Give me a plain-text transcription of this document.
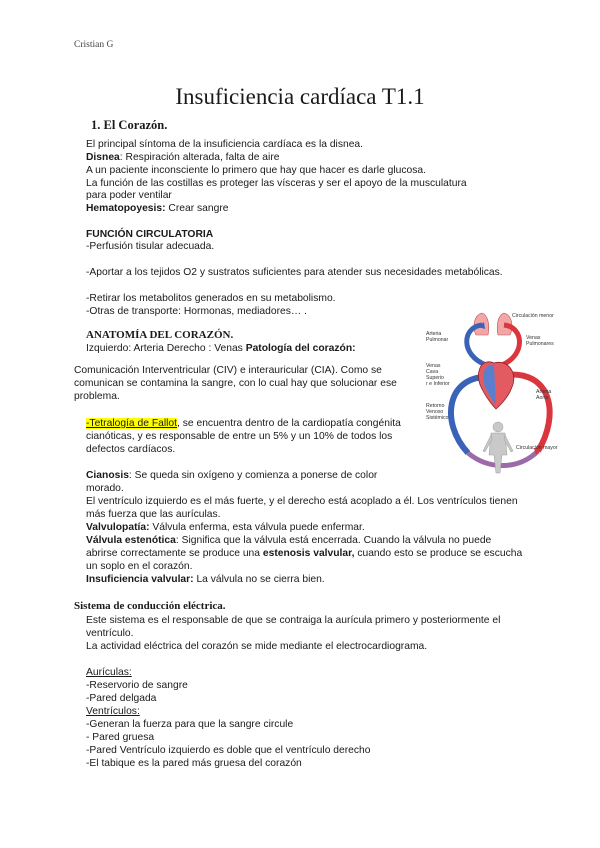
Cristian G
Insuficiencia cardíaca T1.1
1. El Corazón.
El principal síntoma de la insuficiencia cardíaca es la disnea.
Disnea: Respiración alterada, falta de aire
A un paciente inconsciente lo primero que hay que hacer es darle glucosa.
La función de las costillas es proteger las vísceras y ser el apoyo de la musculatura
para poder ventilar
Hematopoyesis: Crear sangre
FUNCIÓN CIRCULATORIA
-Perfusión tisular adecuada.
-Aportar a los tejidos O2 y sustratos suficientes para atender sus necesidades metabólicas.
-Retirar los metabolitos generados en su metabolismo.
-Otras de transporte: Hormonas, mediadores… .
ANATOMÍA DEL CORAZÓN.
Izquierdo: Arteria Derecho : Venas Patología del corazón:
Comunicación Interventricular (CIV) e interauricular (CIA). Como se
comunican se contamina la sangre, con lo cual hay que solucionar ese
problema.
-Tetralogía de Fallot, se encuentra dentro de la cardiopatía congénita
cianóticas, y es responsable de entre un 5% y un 10% de todos los
defectos cardíacos.
Cianosis: Se queda sin oxígeno y comienza a ponerse de color
morado.
El ventrículo izquierdo es el más fuerte, y el derecho está acoplado a él. Los ventrículos tienen
más fuerza que las aurículas.
Valvulopatía: Válvula enferma, esta válvula puede enfermar.
Válvula estenótica: Significa que la válvula está encerrada. Cuando la válvula no puede
abrirse correctamente se produce una estenosis valvular, cuando esto se produce se escucha
un soplo en el corazón.
Insuficiencia valvular: La válvula no se cierra bien.
Circulación menor
Arteria
Pulmonar	Venas
Pulmonares
Venas
Cava
Superio
r e Inferior
Arteria
Aorta
Retorno
Venoso
Sistémico
Circulación mayor
Sistema de conducción eléctrica.
Este sistema es el responsable de que se contraiga la aurícula primero y posteriormente el
ventrículo.
La actividad eléctrica del corazón se mide mediante el electrocardiograma.
Aurículas:
-Reservorio de sangre
-Pared delgada
Ventrículos:
-Generan la fuerza para que la sangre circule
- Pared gruesa
-Pared Ventrículo izquierdo es doble que el ventrículo derecho
-El tabique es la pared más gruesa del corazón
